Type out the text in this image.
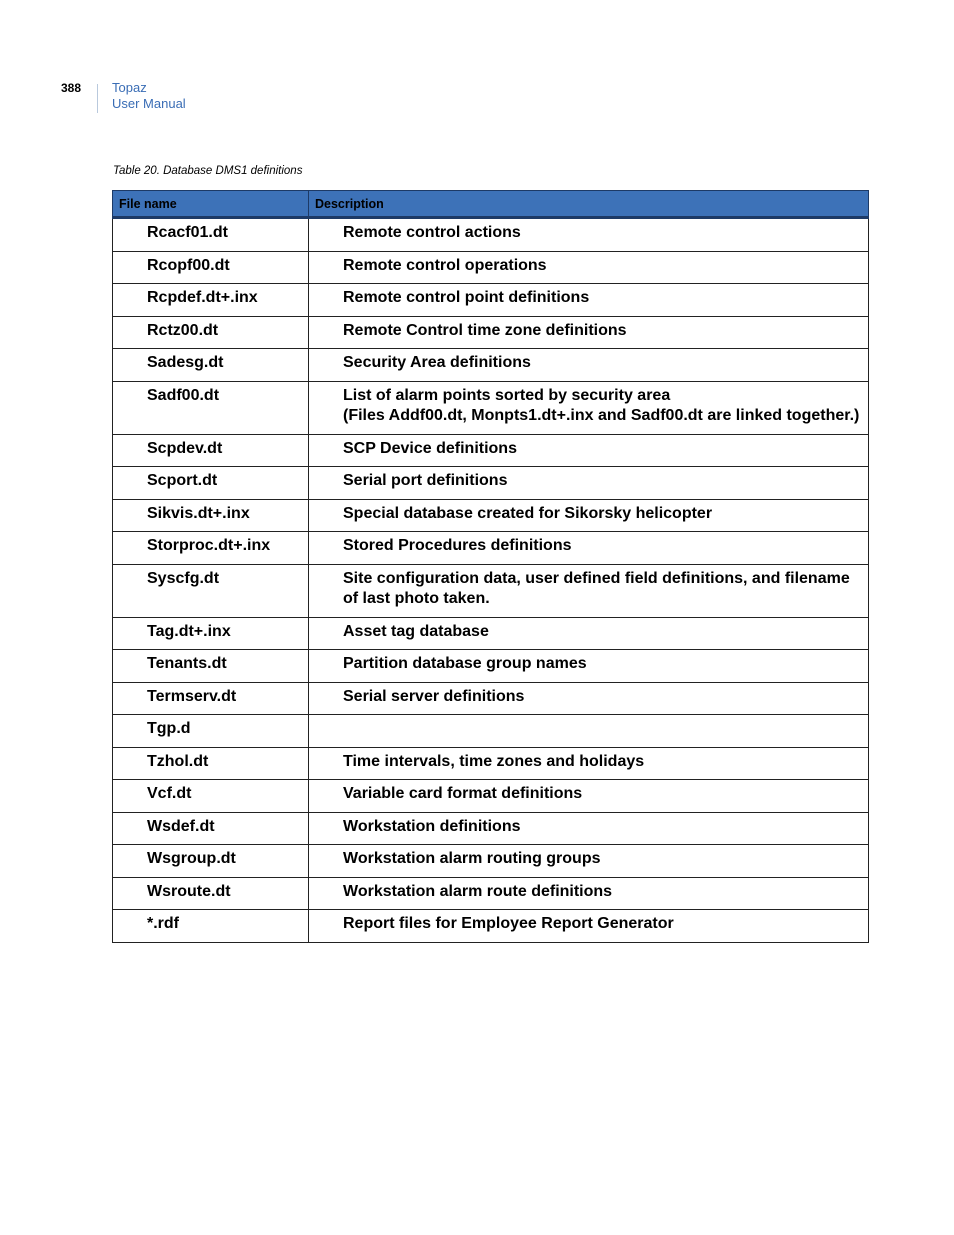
388	Topaz
User Manual
Table 20. Database DMS1 definitions
File name	Description
Rcacf01.dt	Remote control actions
Rcopf00.dt	Remote control operations
Rcpdef.dt+.inx	Remote control point definitions
Rctz00.dt	Remote Control time zone definitions
Sadesg.dt	Security Area definitions
Sadf00.dt	List of alarm points sorted by security area
(Files Addf00.dt, Monpts1.dt+.inx and Sadf00.dt are linked together.)

Scpdev.dt	SCP Device definitions
Scport.dt	Serial port definitions
Sikvis.dt+.inx	Special database created for Sikorsky helicopter
Storproc.dt+.inx	Stored Procedures definitions
Syscfg.dt	Site configuration data, user defined field definitions, and filename of last photo taken.
Tag.dt+.inx	Asset tag database
Tenants.dt	Partition database group names
Termserv.dt	Serial server definitions
Tgp.d	
Tzhol.dt	Time intervals, time zones and holidays
Vcf.dt	Variable card format definitions
Wsdef.dt	Workstation definitions
Wsgroup.dt	Workstation alarm routing groups
Wsroute.dt	Workstation alarm route definitions
*.rdf	Report files for Employee Report Generator
